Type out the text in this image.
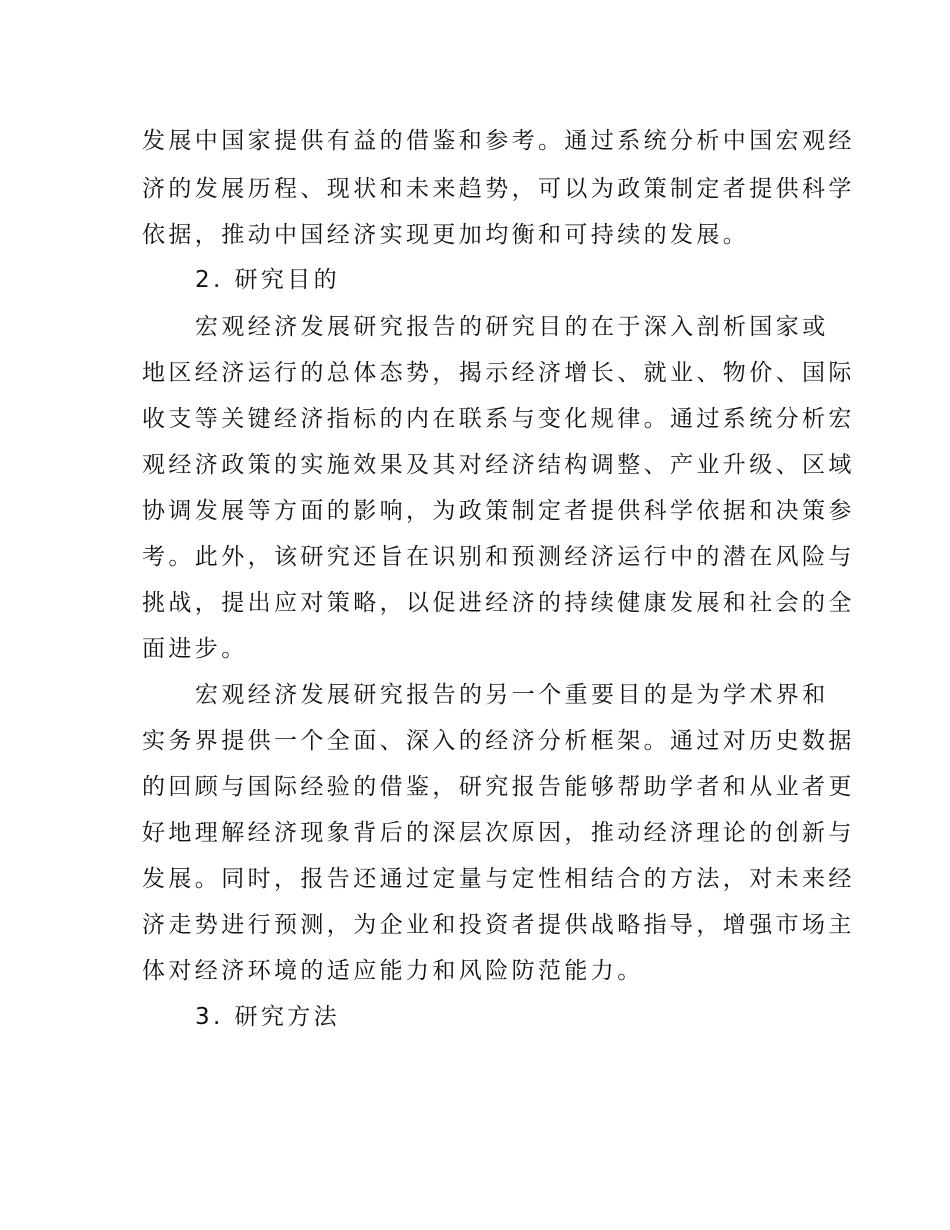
发展中国家提供有益的借鉴和参考。通过系统分析中国宏观经
济的发展历程、现状和未来趋势，可以为政策制定者提供科学
依据，推动中国经济实现更加均衡和可持续的发展。
2. 研究目的
宏观经济发展研究报告的研究目的在于深入剖析国家或
地区经济运行的总体态势，揭示经济增长、就业、物价、国际
收支等关键经济指标的内在联系与变化规律。通过系统分析宏
观经济政策的实施效果及其对经济结构调整、产业升级、区域
协调发展等方面的影响，为政策制定者提供科学依据和决策参
考。此外，该研究还旨在识别和预测经济运行中的潜在风险与
挑战，提出应对策略，以促进经济的持续健康发展和社会的全
面进步。
宏观经济发展研究报告的另一个重要目的是为学术界和
实务界提供一个全面、深入的经济分析框架。通过对历史数据
的回顾与国际经验的借鉴，研究报告能够帮助学者和从业者更
好地理解经济现象背后的深层次原因，推动经济理论的创新与
发展。同时，报告还通过定量与定性相结合的方法，对未来经
济走势进行预测，为企业和投资者提供战略指导，增强市场主
体对经济环境的适应能力和风险防范能力。
3. 研究方法
